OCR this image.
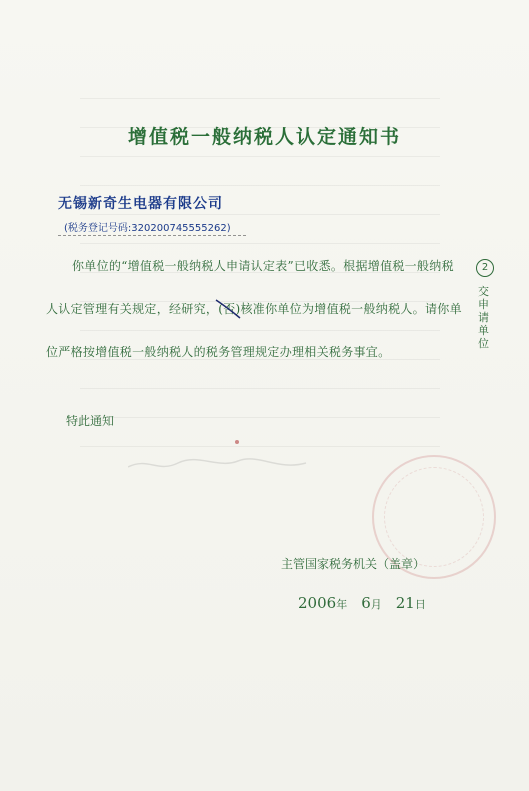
增值税一般纳税人认定通知书
无锡新奇生电器有限公司
(税务登记号码:320200745555262)
你单位的“增值税一般纳税人申请认定表”已收悉。根据增值税一般纳税人认定管理有关规定，经研究，(否)
核准你单位为增值税一般纳税人。请你单位严格按增值税一般纳税人的税务管理规定办理相关税务事宜。
特此通知
2
交申请单位
主管国家税务机关（盖章）
2006年 6月 21日
